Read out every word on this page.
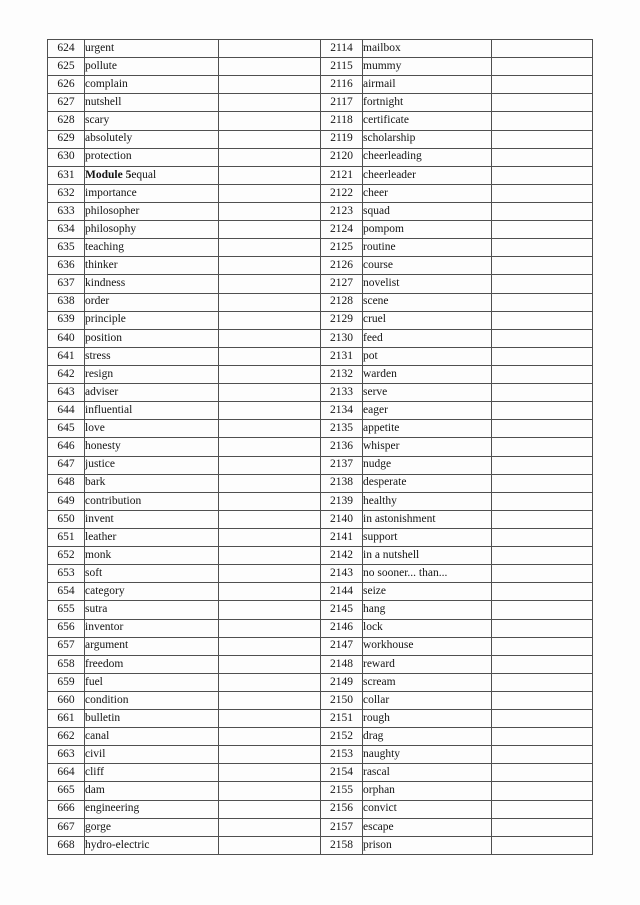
624	urgent		2114	mailbox	
625	pollute		2115	mummy	
626	complain		2116	airmail	
627	nutshell		2117	fortnight	
628	scary		2118	certificate	
629	absolutely		2119	scholarship	
630	protection		2120	cheerleading	
631	Module 5equal		2121	cheerleader	
632	importance		2122	cheer	
633	philosopher		2123	squad	
634	philosophy		2124	pompom	
635	teaching		2125	routine	
636	thinker		2126	course	
637	kindness		2127	novelist	
638	order		2128	scene	
639	principle		2129	cruel	
640	position		2130	feed	
641	stress		2131	pot	
642	resign		2132	warden	
643	adviser		2133	serve	
644	influential		2134	eager	
645	love		2135	appetite	
646	honesty		2136	whisper	
647	justice		2137	nudge	
648	bark		2138	desperate	
649	contribution		2139	healthy	
650	invent		2140	in astonishment	
651	leather		2141	support	
652	monk		2142	in a nutshell	
653	soft		2143	no sooner... than...	
654	category		2144	seize	
655	sutra		2145	hang	
656	inventor		2146	lock	
657	argument		2147	workhouse	
658	freedom		2148	reward	
659	fuel		2149	scream	
660	condition		2150	collar	
661	bulletin		2151	rough	
662	canal		2152	drag	
663	civil		2153	naughty	
664	cliff		2154	rascal	
665	dam		2155	orphan	
666	engineering		2156	convict	
667	gorge		2157	escape	
668	hydro-electric		2158	prison	
